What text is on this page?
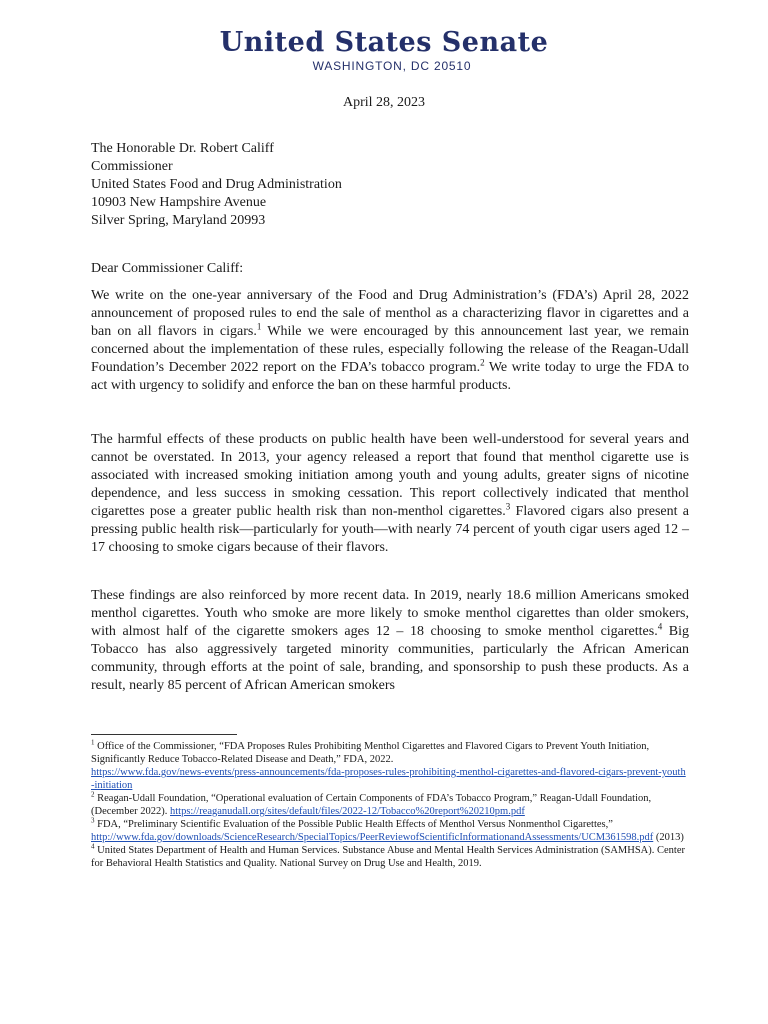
United States Senate
WASHINGTON, DC 20510
April 28, 2023
The Honorable Dr. Robert Califf
Commissioner
United States Food and Drug Administration
10903 New Hampshire Avenue
Silver Spring, Maryland 20993
Dear Commissioner Califf:
We write on the one-year anniversary of the Food and Drug Administration’s (FDA’s) April 28, 2022 announcement of proposed rules to end the sale of menthol as a characterizing flavor in cigarettes and a ban on all flavors in cigars.$^1$ While we were encouraged by this announcement last year, we remain concerned about the implementation of these rules, especially following the release of the Reagan-Udall Foundation’s December 2022 report on the FDA’s tobacco program.$^2$ We write today to urge the FDA to act with urgency to solidify and enforce the ban on these harmful products.
The harmful effects of these products on public health have been well-understood for several years and cannot be overstated. In 2013, your agency released a report that found that menthol cigarette use is associated with increased smoking initiation among youth and young adults, greater signs of nicotine dependence, and less success in smoking cessation. This report collectively indicated that menthol cigarettes pose a greater public health risk than non-menthol cigarettes.$^3$ Flavored cigars also present a pressing public health risk—particularly for youth—with nearly 74 percent of youth cigar users aged 12 – 17 choosing to smoke cigars because of their flavors.
These findings are also reinforced by more recent data. In 2019, nearly 18.6 million Americans smoked menthol cigarettes. Youth who smoke are more likely to smoke menthol cigarettes than older smokers, with almost half of the cigarette smokers ages 12 – 18 choosing to smoke menthol cigarettes.$^4$ Big Tobacco has also aggressively targeted minority communities, particularly the African American community, through efforts at the point of sale, branding, and sponsorship to push these products. As a result, nearly 85 percent of African American smokers

$^1$ Office of the Commissioner, “FDA Proposes Rules Prohibiting Menthol Cigarettes and Flavored Cigars to Prevent Youth Initiation, Significantly Reduce Tobacco-Related Disease and Death,” FDA, 2022.
https://www.fda.gov/news-events/press-announcements/fda-proposes-rules-prohibiting-menthol-cigarettes-and-flavored-cigars-prevent-youth-initiation

$^2$ Reagan-Udall Foundation, “Operational evaluation of Certain Components of FDA’s Tobacco Program,” Reagan-Udall Foundation, (December 2022). https://reaganudall.org/sites/default/files/2022-12/Tobacco%20report%20210pm.pdf

$^3$ FDA, “Preliminary Scientific Evaluation of the Possible Public Health Effects of Menthol Versus Nonmenthol Cigarettes,”
http://www.fda.gov/downloads/ScienceResearch/SpecialTopics/PeerReviewofScientificInformationandAssessments/UCM361598.pdf (2013)

$^4$ United States Department of Health and Human Services. Substance Abuse and Mental Health Services Administration (SAMHSA). Center for Behavioral Health Statistics and Quality. National Survey on Drug Use and Health, 2019.
